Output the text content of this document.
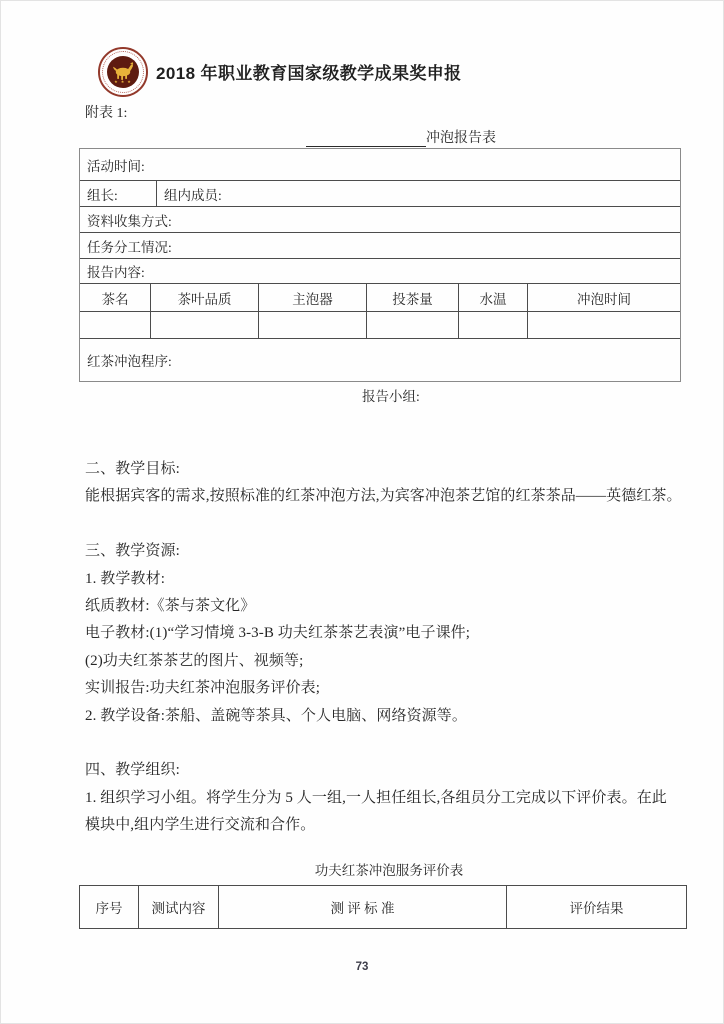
★ ★ ★	2018 年职业教育国家级教学成果奖申报
附表 1:
冲泡报告表
活动时间:
组长:	组内成员:
资料收集方式:
任务分工情况:
报告内容:
茶名	茶叶品质	主泡器	投茶量	水温	冲泡时间
红茶冲泡程序:
报告小组:
二、教学目标:
能根据宾客的需求,按照标准的红茶冲泡方法,为宾客冲泡茶艺馆的红茶茶品——英德红茶。
三、教学资源:
1. 教学教材:
纸质教材:《茶与茶文化》
电子教材:(1)“学习情境 3-3-B 功夫红茶茶艺表演”电子课件;
(2)功夫红茶茶艺的图片、视频等;
实训报告:功夫红茶冲泡服务评价表;
2. 教学设备:茶船、盖碗等茶具、个人电脑、网络资源等。
四、教学组织:
1. 组织学习小组。将学生分为 5 人一组,一人担任组长,各组员分工完成以下评价表。在此
模块中,组内学生进行交流和合作。
功夫红茶冲泡服务评价表
序号	测试内容	测 评 标 准	评价结果
73
